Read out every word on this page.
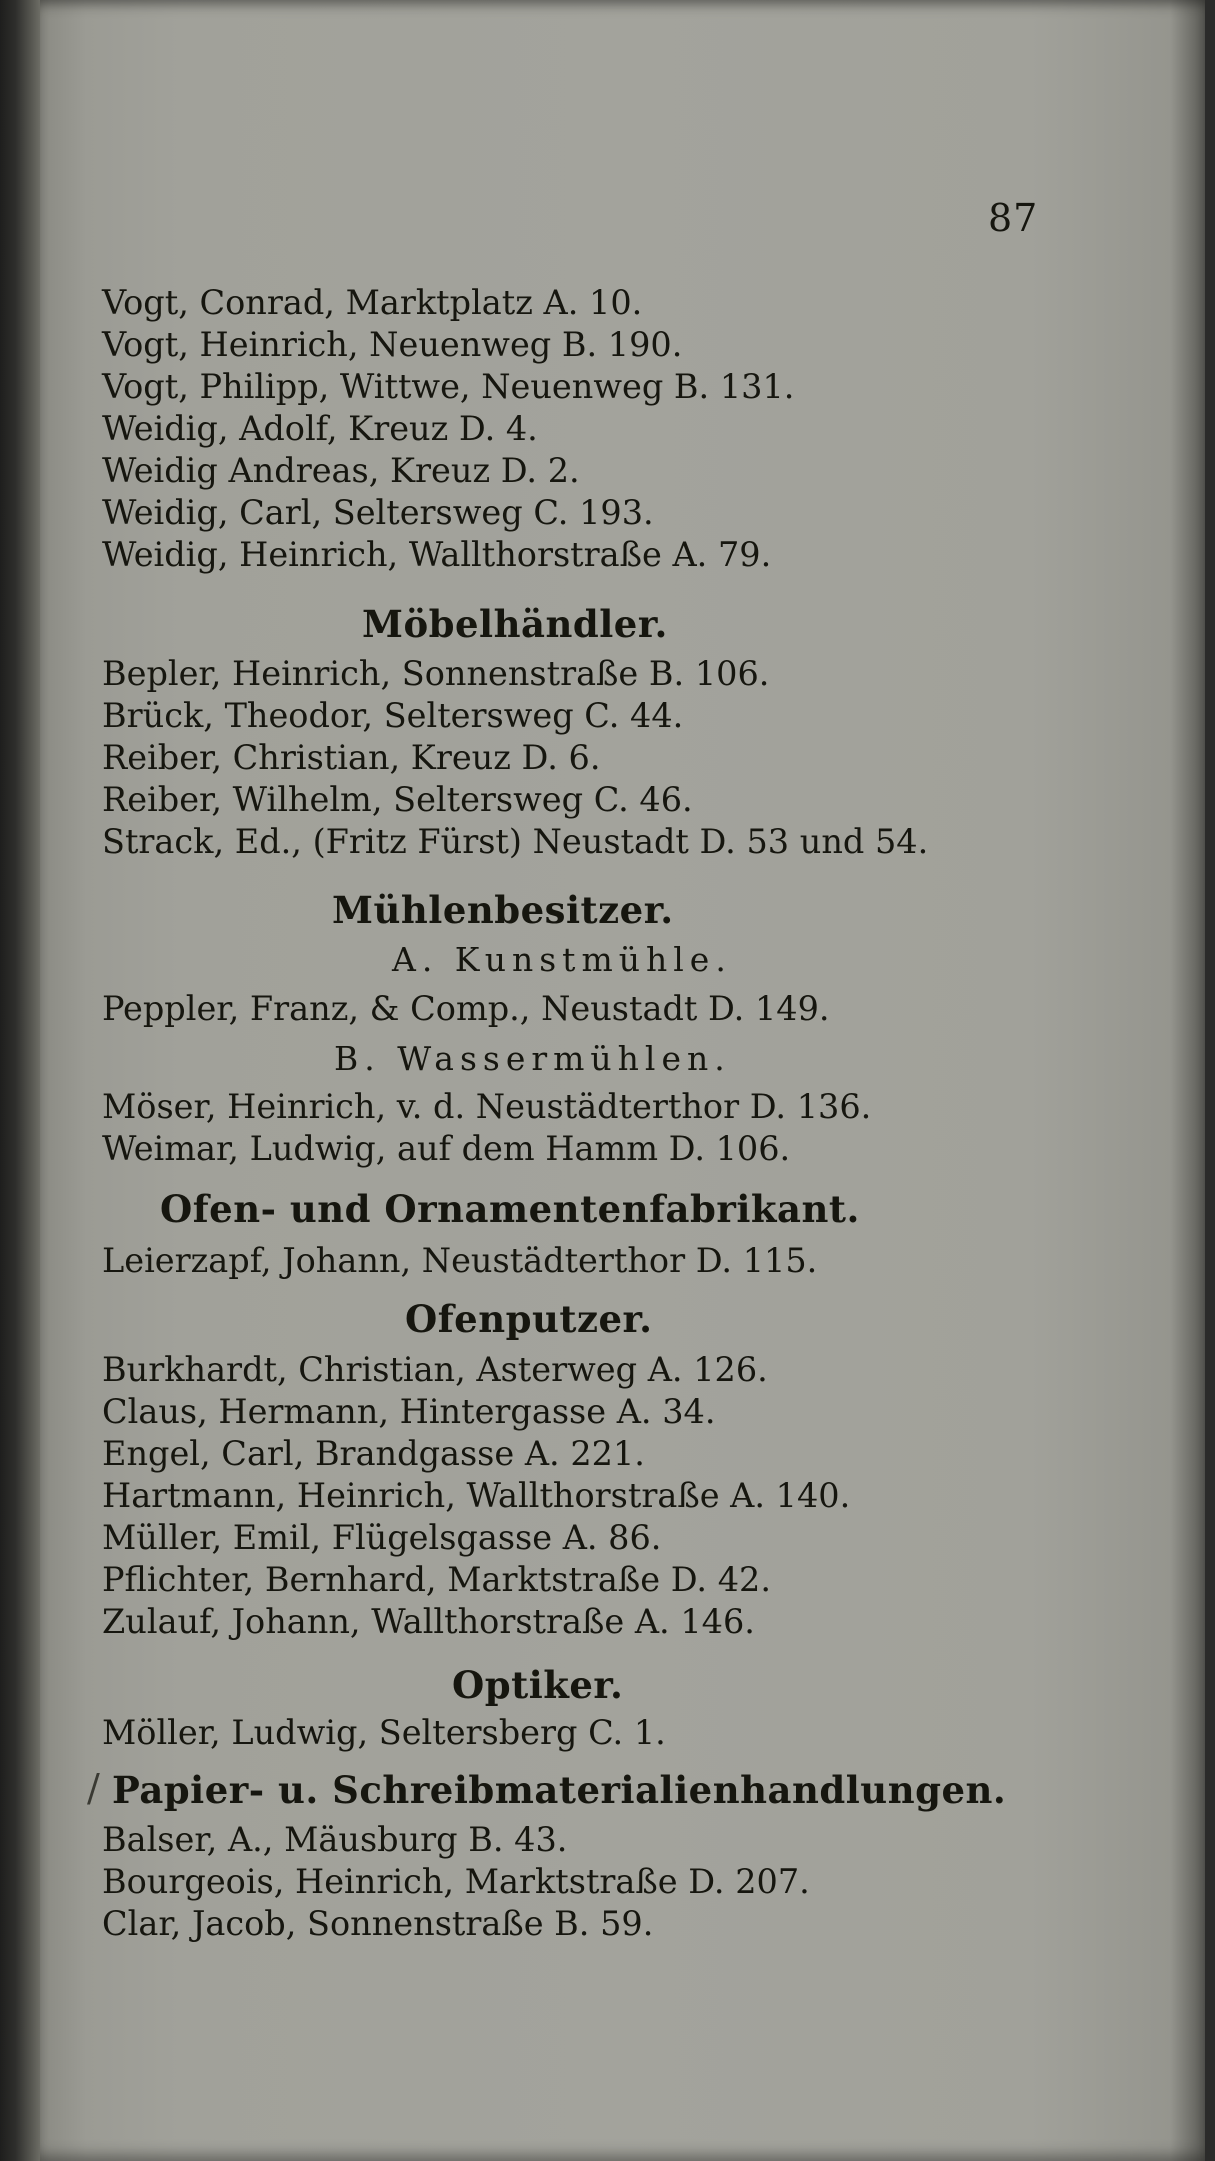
87
Vogt, Conrad, Marktplatz A. 10.
Vogt, Heinrich, Neuenweg B. 190.
Vogt, Philipp, Wittwe, Neuenweg B. 131.
Weidig, Adolf, Kreuz D. 4.
Weidig Andreas, Kreuz D. 2.
Weidig, Carl, Seltersweg C. 193.
Weidig, Heinrich, Wallthorstraße A. 79.
Möbelhändler.
Bepler, Heinrich, Sonnenstraße B. 106.
Brück, Theodor, Seltersweg C. 44.
Reiber, Christian, Kreuz D. 6.
Reiber, Wilhelm, Seltersweg C. 46.
Strack, Ed., (Fritz Fürst) Neustadt D. 53 und 54.
Mühlenbesitzer.
A. Kunstmühle.
Peppler, Franz, & Comp., Neustadt D. 149.
B. Wassermühlen.
Möser, Heinrich, v. d. Neustädterthor D. 136.
Weimar, Ludwig, auf dem Hamm D. 106.
Ofen- und Ornamentenfabrikant.
Leierzapf, Johann, Neustädterthor D. 115.
Ofenputzer.
Burkhardt, Christian, Asterweg A. 126.
Claus, Hermann, Hintergasse A. 34.
Engel, Carl, Brandgasse A. 221.
Hartmann, Heinrich, Wallthorstraße A. 140.
Müller, Emil, Flügelsgasse A. 86.
Pflichter, Bernhard, Marktstraße D. 42.
Zulauf, Johann, Wallthorstraße A. 146.
Optiker.
Möller, Ludwig, Seltersberg C. 1.
/ Papier- u. Schreibmaterialienhandlungen.
Balser, A., Mäusburg B. 43.
Bourgeois, Heinrich, Marktstraße D. 207.
Clar, Jacob, Sonnenstraße B. 59.
